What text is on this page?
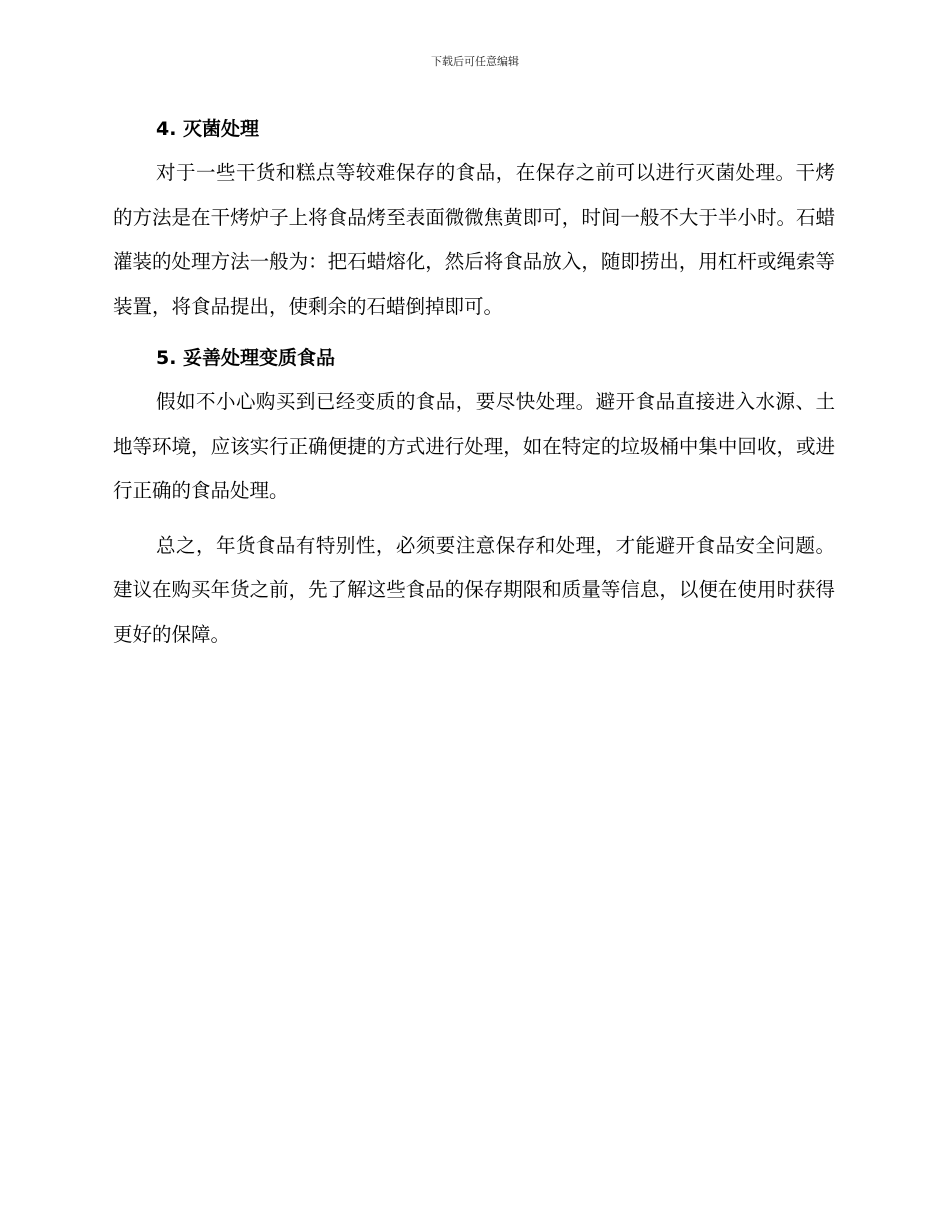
下载后可任意编辑
4. 灭菌处理

对于一些干货和糕点等较难保存的食品，在保存之前可以进行灭菌处理。干烤的方法是在干烤炉子上将食品烤至表面微微焦黄即可，时间一般不大于半小时。石蜡灌装的处理方法一般为：把石蜡熔化，然后将食品放入，随即捞出，用杠杆或绳索等装置，将食品提出，使剩余的石蜡倒掉即可。

5. 妥善处理变质食品

假如不小心购买到已经变质的食品，要尽快处理。避开食品直接进入水源、土地等环境，应该实行正确便捷的方式进行处理，如在特定的垃圾桶中集中回收，或进行正确的食品处理。

总之，年货食品有特别性，必须要注意保存和处理，才能避开食品安全问题。建议在购买年货之前，先了解这些食品的保存期限和质量等信息，以便在使用时获得更好的保障。
